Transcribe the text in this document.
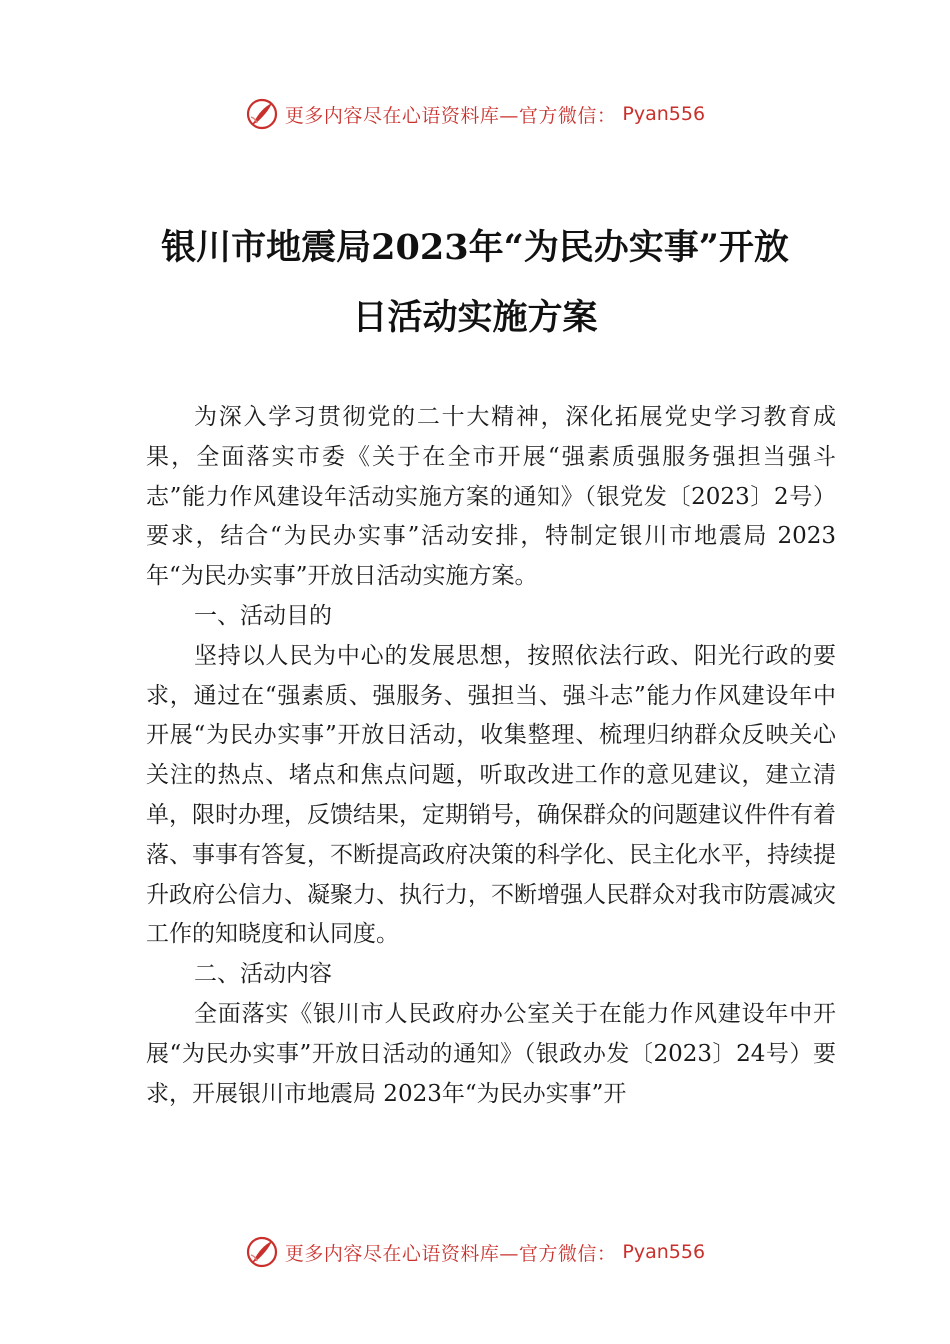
更多内容尽在心语资料库—官方微信： Pyan556
银川市地震局2023年“为民办实事”开放
日活动实施方案

为深入学习贯彻党的二十大精神，深化拓展党史学习教育成果，全面落实市委《关于在全市开展“强素质强服务强担当强斗志”能力作风建设年活动实施方案的通知》（银党发〔2023〕2号）要求，结合“为民办实事”活动安排，特制定银川市地震局 2023年“为民办实事”开放日活动实施方案。

一、活动目的

坚持以人民为中心的发展思想，按照依法行政、阳光行政的要求，通过在“强素质、强服务、强担当、强斗志”能力作风建设年中开展“为民办实事”开放日活动，收集整理、梳理归纳群众反映关心关注的热点、堵点和焦点问题，听取改进工作的意见建议，建立清单，限时办理，反馈结果，定期销号，确保群众的问题建议件件有着落、事事有答复，不断提高政府决策的科学化、民主化水平，持续提升政府公信力、凝聚力、执行力，不断增强人民群众对我市防震减灾工作的知晓度和认同度。

二、活动内容

全面落实《银川市人民政府办公室关于在能力作风建设年中开展“为民办实事”开放日活动的通知》（银政办发〔2023〕24号）要求，开展银川市地震局 2023年“为民办实事”开

更多内容尽在心语资料库—官方微信： Pyan556
